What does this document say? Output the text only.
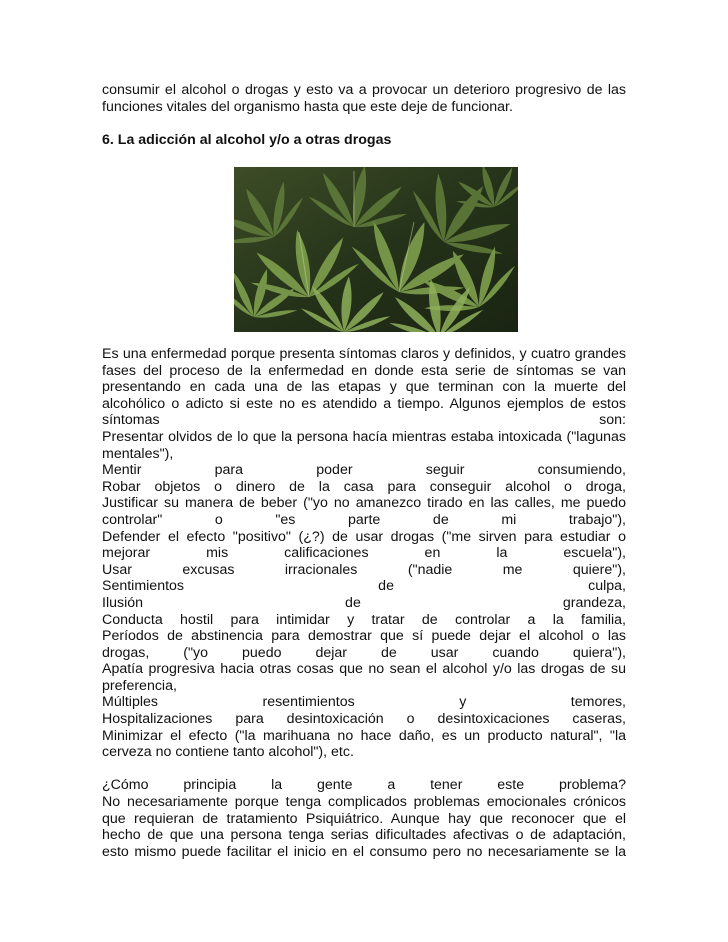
consumir el alcohol o drogas y esto va a provocar un deterioro progresivo de las
funciones vitales del organismo hasta que este deje de funcionar.
6. La adicción al alcohol y/o a otras drogas
Es una enfermedad porque presenta síntomas claros y definidos, y cuatro grandes
fases del proceso de la enfermedad en donde esta serie de síntomas se van
presentando en cada una de las etapas y que terminan con la muerte del
alcohólico o adicto si este no es atendido a tiempo. Algunos ejemplos de estos
síntomas son:
Presentar olvidos de lo que la persona hacía mientras estaba intoxicada ("lagunas
mentales"),
Mentir para poder seguir consumiendo,
Robar objetos o dinero de la casa para conseguir alcohol o droga,
Justificar su manera de beber ("yo no amanezco tirado en las calles, me puedo
controlar" o "es parte de mi trabajo"),
Defender el efecto "positivo" (¿?) de usar drogas ("me sirven para estudiar o
mejorar mis calificaciones en la escuela"),
Usar excusas irracionales ("nadie me quiere"),
Sentimientos de culpa,
Ilusión de grandeza,
Conducta hostil para intimidar y tratar de controlar a la familia,
Períodos de abstinencia para demostrar que sí puede dejar el alcohol o las
drogas, ("yo puedo dejar de usar cuando quiera"),
Apatía progresiva hacia otras cosas que no sean el alcohol y/o las drogas de su
preferencia,
Múltiples resentimientos y temores,
Hospitalizaciones para desintoxicación o desintoxicaciones caseras,
Minimizar el efecto ("la marihuana no hace daño, es un producto natural", "la
cerveza no contiene tanto alcohol"), etc.
¿Cómo principia la gente a tener este problema?
No necesariamente porque tenga complicados problemas emocionales crónicos
que requieran de tratamiento Psiquiátrico. Aunque hay que reconocer que el
hecho de que una persona tenga serias dificultades afectivas o de adaptación,
esto mismo puede facilitar el inicio en el consumo pero no necesariamente se la
